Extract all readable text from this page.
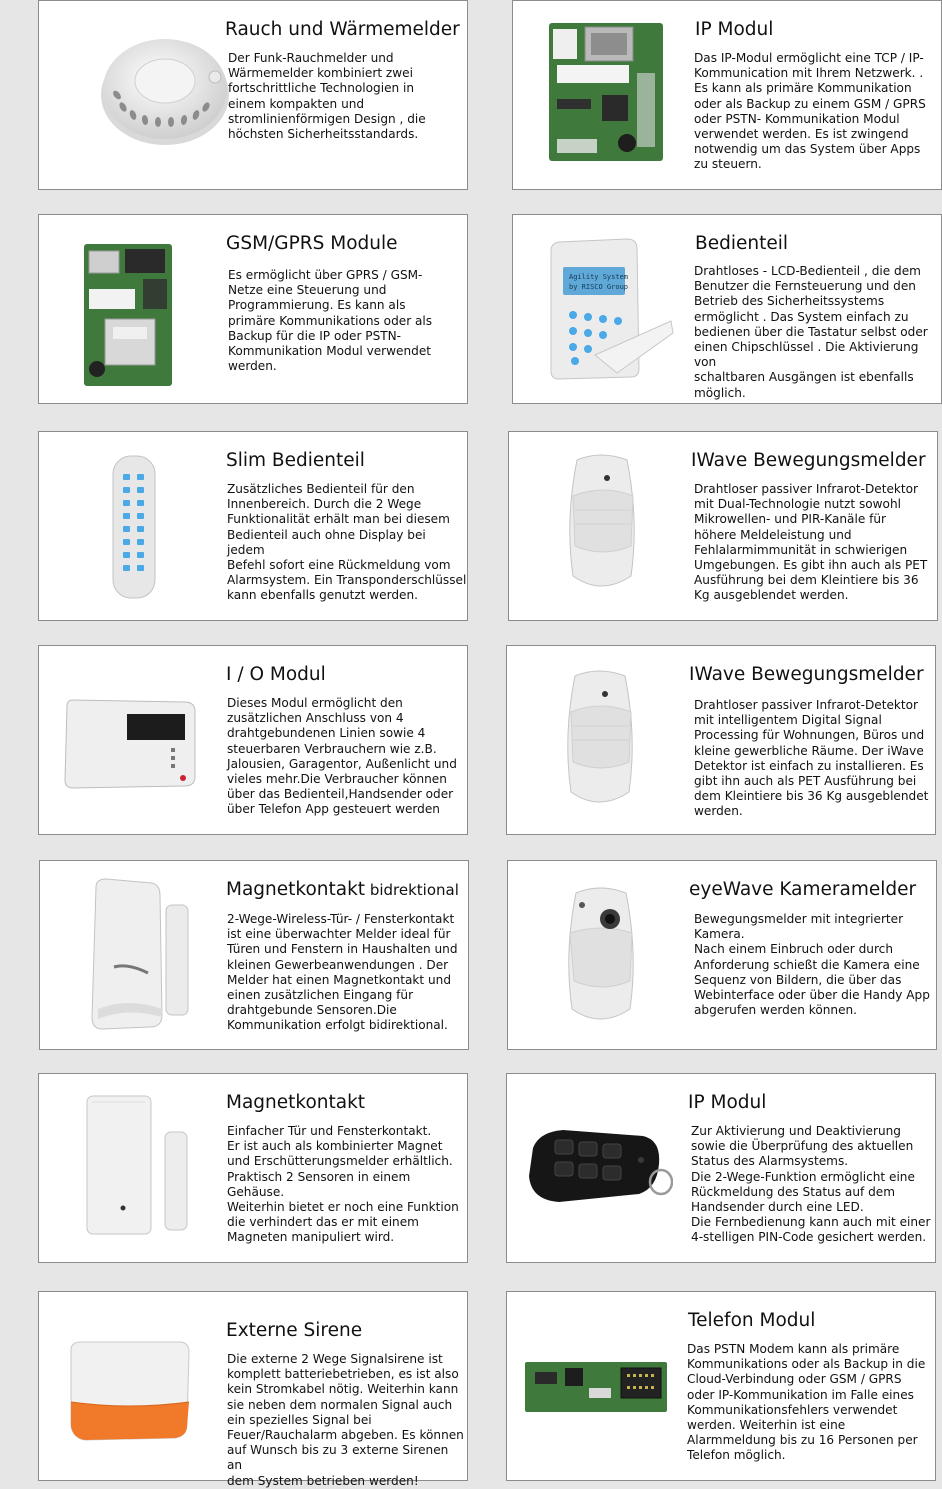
Rauch und Wärmemelder

Der Funk-Rauchmelder und
Wärmemelder kombiniert zwei
fortschrittliche Technologien in
einem kompakten und
stromlinienförmigen Design , die
höchsten Sicherheitsstandards.

IP Modul

Das IP-Modul ermöglicht eine TCP / IP-
Kommunication mit Ihrem Netzwerk. .
Es kann als primäre Kommunikation
oder als Backup zu einem GSM / GPRS
oder PSTN- Kommunikation Modul
verwendet werden. Es ist zwingend
notwendig um das System über Apps
zu steuern.

GSM/GPRS Module

Es ermöglicht über GPRS / GSM-
Netze eine Steuerung und
Programmierung. Es kann als
primäre Kommunikations oder als
Backup für die IP oder PSTN-
Kommunikation Modul verwendet
werden.

Agility System
by RISCO Group
Bedienteil

Drahtloses - LCD-Bedienteil , die dem
Benutzer die Fernsteuerung und den
Betrieb des Sicherheitssystems
ermöglicht . Das System einfach zu
bedienen über die Tastatur selbst oder
einen Chipschlüssel . Die Aktivierung von
schaltbaren Ausgängen ist ebenfalls
möglich.

Slim Bedienteil

Zusätzliches Bedienteil für den
Innenbereich. Durch die 2 Wege
Funktionalität erhält man bei diesem
Bedienteil auch ohne Display bei jedem
Befehl sofort eine Rückmeldung vom
Alarmsystem. Ein Transponderschlüssel
kann ebenfalls genutzt werden.

IWave Bewegungsmelder

Drahtloser passiver Infrarot-Detektor
mit Dual-Technologie nutzt sowohl
Mikrowellen- und PIR-Kanäle für
höhere Meldeleistung und
Fehlalarmimmunität in schwierigen
Umgebungen. Es gibt ihn auch als PET
Ausführung bei dem Kleintiere bis 36
Kg ausgeblendet werden.

I / O Modul

Dieses Modul ermöglicht den
zusätzlichen Anschluss von 4
drahtgebundenen Linien sowie 4
steuerbaren Verbrauchern wie z.B.
Jalousien, Garagentor, Außenlicht und
vieles mehr.Die Verbraucher können
über das Bedienteil,Handsender oder
über Telefon App gesteuert werden

IWave Bewegungsmelder

Drahtloser passiver Infrarot-Detektor
mit intelligentem Digital Signal
Processing für Wohnungen, Büros und
kleine gewerbliche Räume. Der iWave
Detektor ist einfach zu installieren. Es
gibt ihn auch als PET Ausführung bei
dem Kleintiere bis 36 Kg ausgeblendet
werden.

Magnetkontakt bidrektional

2-Wege-Wireless-Tür- / Fensterkontakt
ist eine überwachter Melder ideal für
Türen und Fenstern in Haushalten und
kleinen Gewerbeanwendungen . Der
Melder hat einen Magnetkontakt und
einen zusätzlichen Eingang für
drahtgebunde Sensoren.Die
Kommunikation erfolgt bidirektional.

eyeWave Kameramelder

Bewegungsmelder mit integrierter
Kamera.
Nach einem Einbruch oder durch
Anforderung schießt die Kamera eine
Sequenz von Bildern, die über das
Webinterface oder über die Handy App
abgerufen werden können.

Magnetkontakt

Einfacher Tür und Fensterkontakt.
Er ist auch als kombinierter Magnet
und Erschütterungsmelder erhältlich.
Praktisch 2 Sensoren in einem
Gehäuse.
Weiterhin bietet er noch eine Funktion
die verhindert das er mit einem
Magneten manipuliert wird.

IP Modul

Zur Aktivierung und Deaktivierung
sowie die Überprüfung des aktuellen
Status des Alarmsystems.
Die 2-Wege-Funktion ermöglicht eine
Rückmeldung des Status auf dem
Handsender durch eine LED.
Die Fernbedienung kann auch mit einer
4-stelligen PIN-Code gesichert werden.

Externe Sirene

Die externe 2 Wege Signalsirene ist
komplett batteriebetrieben, es ist also
kein Stromkabel nötig. Weiterhin kann
sie neben dem normalen Signal auch
ein spezielles Signal bei
Feuer/Rauchalarm abgeben. Es können
auf Wunsch bis zu 3 externe Sirenen an
dem System betrieben werden!

Telefon Modul

Das PSTN Modem kann als primäre
Kommunikations oder als Backup in die
Cloud-Verbindung oder GSM / GPRS
oder IP-Kommunikation im Falle eines
Kommunikationsfehlers verwendet
werden. Weiterhin ist eine
Alarmmeldung bis zu 16 Personen per
Telefon möglich.
